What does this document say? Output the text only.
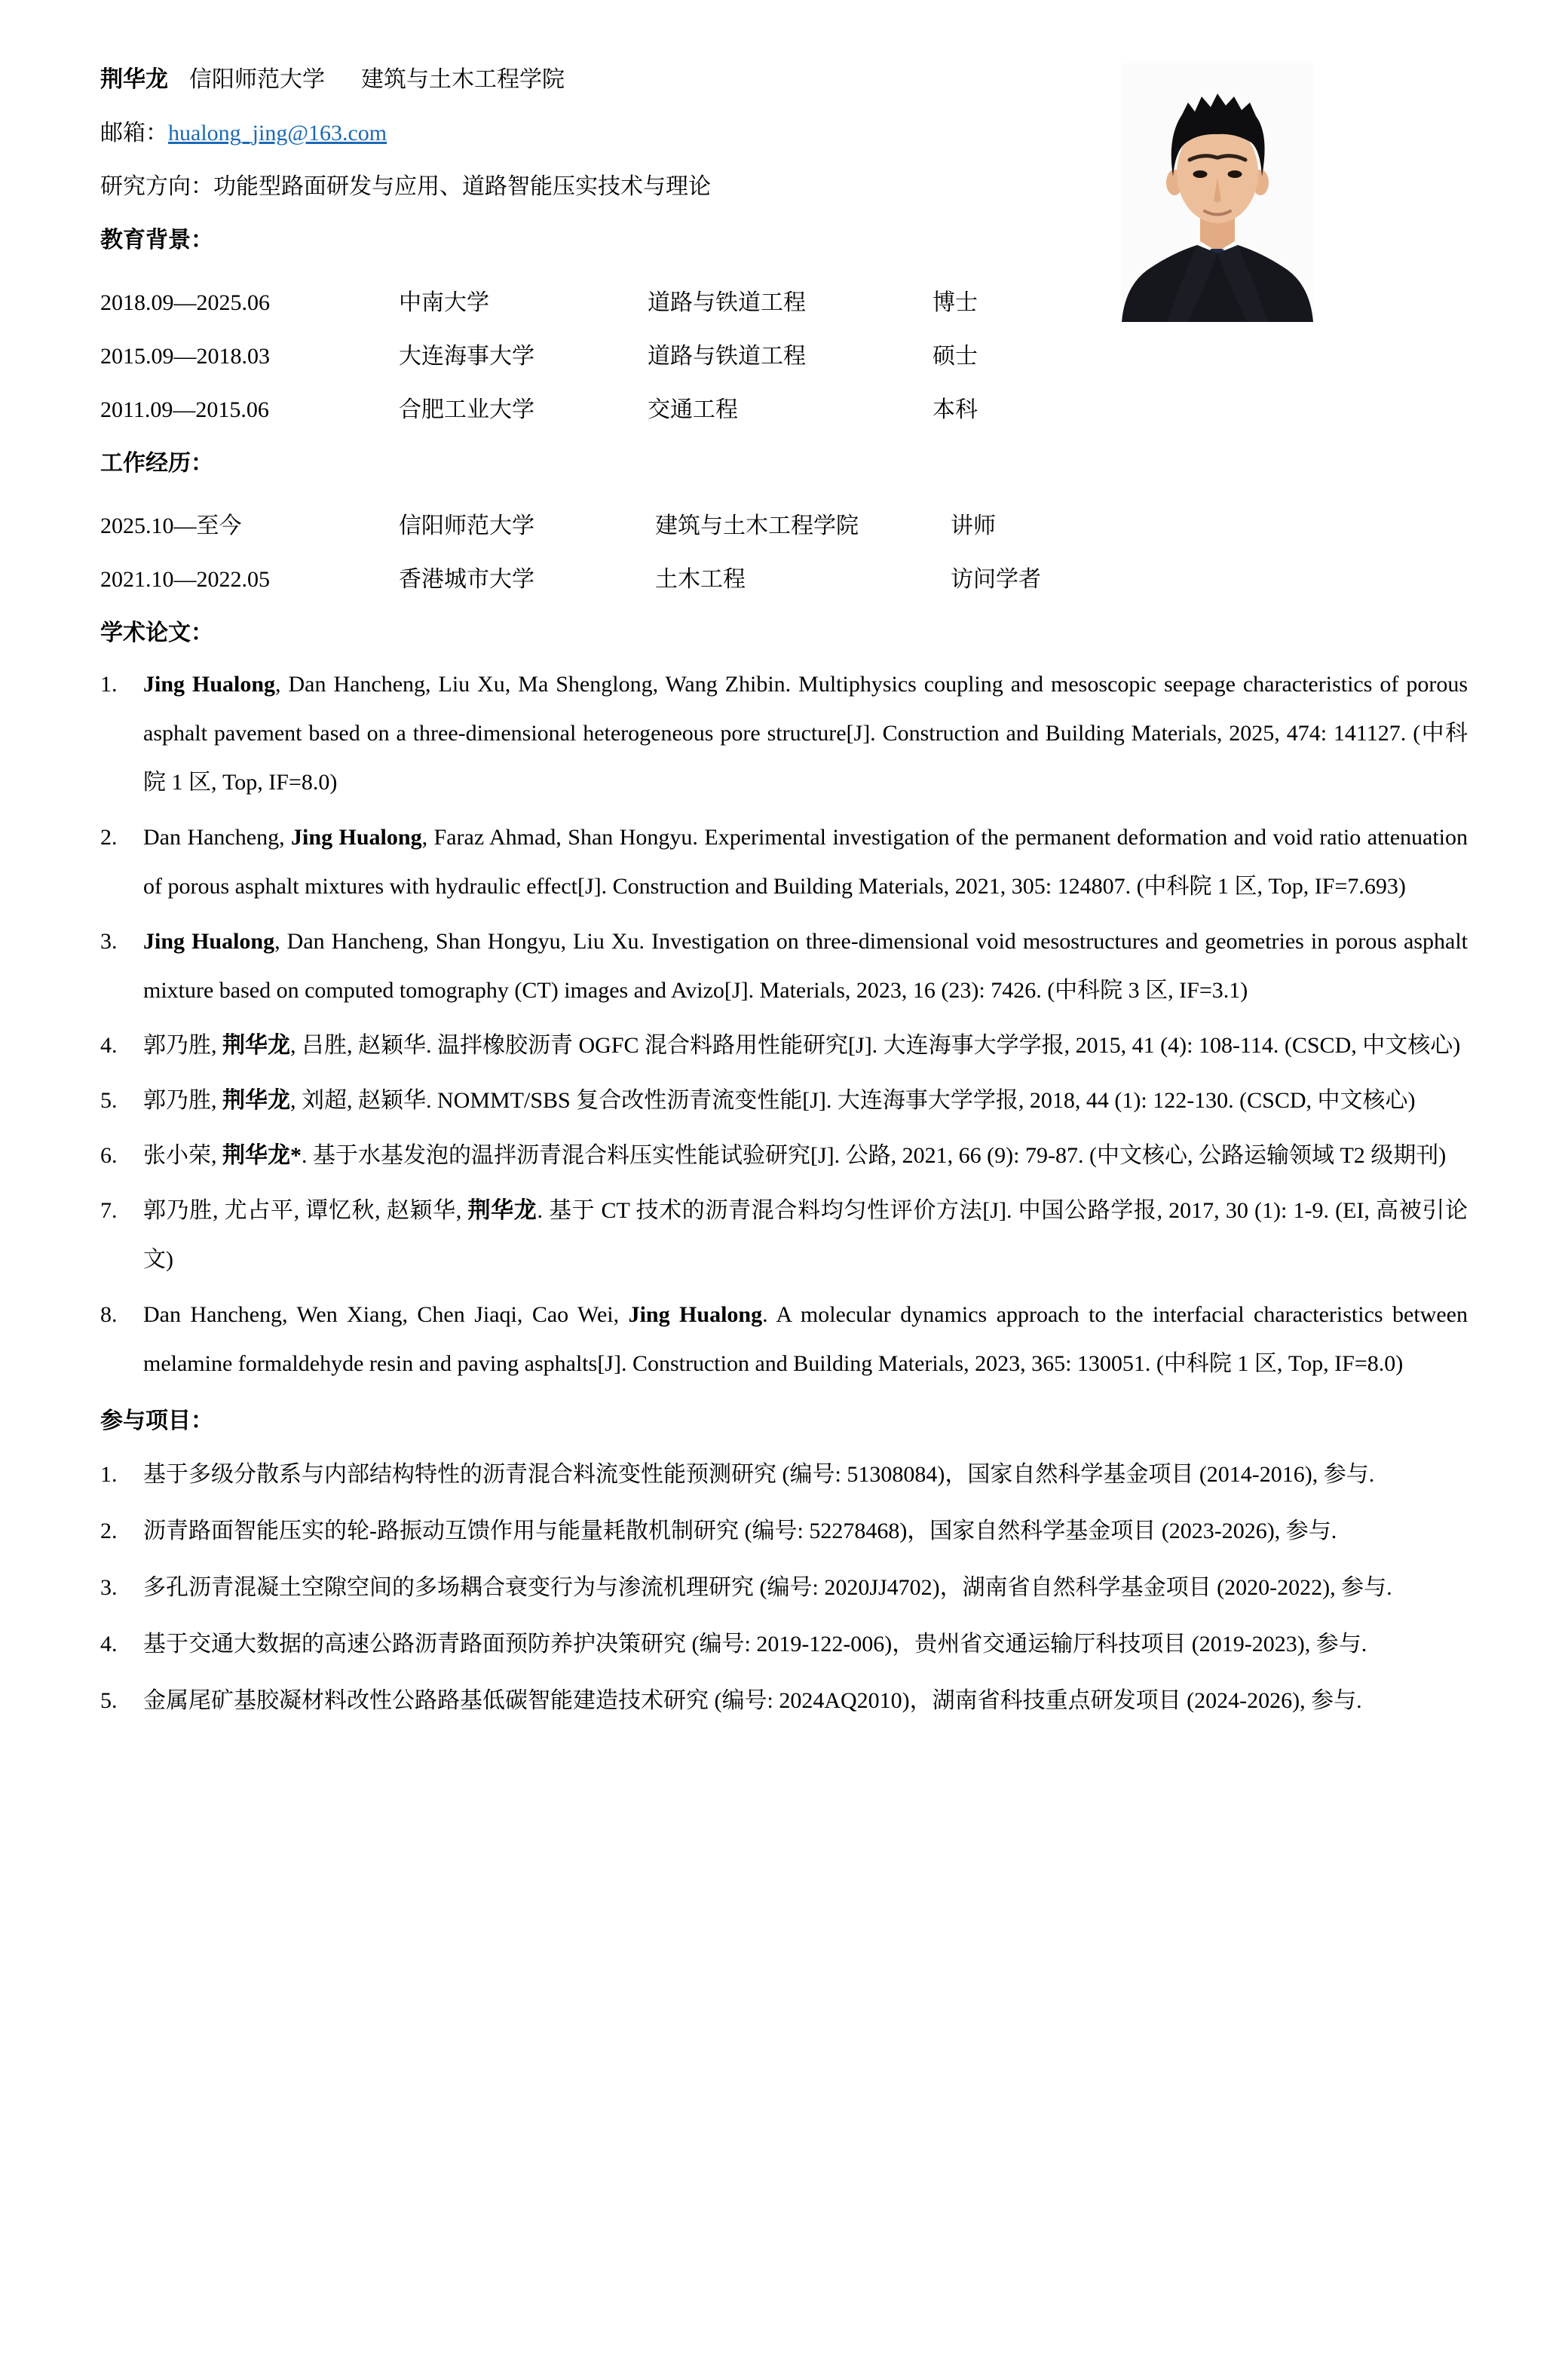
荆华龙 信阳师范大学 建筑与土木工程学院
邮箱：hualong_jing@163.com
研究方向：功能型路面研发与应用、道路智能压实技术与理论
教育背景：
2018.09—2025.06	中南大学	道路与铁道工程	博士
2015.09—2018.03	大连海事大学	道路与铁道工程	硕士
2011.09—2015.06	合肥工业大学	交通工程	本科
工作经历：
2025.10—至今	信阳师范大学	建筑与土木工程学院	讲师
2021.10—2022.05	香港城市大学	土木工程	访问学者
学术论文：
1. Jing Hualong, Dan Hancheng, Liu Xu, Ma Shenglong, Wang Zhibin. Multiphysics coupling and mesoscopic seepage characteristics of porous asphalt pavement based on a three-dimensional heterogeneous pore structure[J]. Construction and Building Materials, 2025, 474: 141127. (中科院 1 区, Top, IF=8.0)
2. Dan Hancheng, Jing Hualong, Faraz Ahmad, Shan Hongyu. Experimental investigation of the permanent deformation and void ratio attenuation of porous asphalt mixtures with hydraulic effect[J]. Construction and Building Materials, 2021, 305: 124807. (中科院 1 区, Top, IF=7.693)
3. Jing Hualong, Dan Hancheng, Shan Hongyu, Liu Xu. Investigation on three-dimensional void mesostructures and geometries in porous asphalt mixture based on computed tomography (CT) images and Avizo[J]. Materials, 2023, 16 (23): 7426. (中科院 3 区, IF=3.1)
4. 郭乃胜, 荆华龙, 吕胜, 赵颖华. 温拌橡胶沥青 OGFC 混合料路用性能研究[J]. 大连海事大学学报, 2015, 41 (4): 108-114. (CSCD, 中文核心)
5. 郭乃胜, 荆华龙, 刘超, 赵颖华. NOMMT/SBS 复合改性沥青流变性能[J]. 大连海事大学学报, 2018, 44 (1): 122-130. (CSCD, 中文核心)
6. 张小荣, 荆华龙*. 基于水基发泡的温拌沥青混合料压实性能试验研究[J]. 公路, 2021, 66 (9): 79-87. (中文核心, 公路运输领域 T2 级期刊)
7. 郭乃胜, 尤占平, 谭忆秋, 赵颖华, 荆华龙. 基于 CT 技术的沥青混合料均匀性评价方法[J]. 中国公路学报, 2017, 30 (1): 1-9. (EI, 高被引论文)
8. Dan Hancheng, Wen Xiang, Chen Jiaqi, Cao Wei, Jing Hualong. A molecular dynamics approach to the interfacial characteristics between melamine formaldehyde resin and paving asphalts[J]. Construction and Building Materials, 2023, 365: 130051. (中科院 1 区, Top, IF=8.0)
参与项目：
1. 基于多级分散系与内部结构特性的沥青混合料流变性能预测研究 (编号: 51308084)，国家自然科学基金项目 (2014-2016), 参与.
2. 沥青路面智能压实的轮-路振动互馈作用与能量耗散机制研究 (编号: 52278468)，国家自然科学基金项目 (2023-2026), 参与.
3. 多孔沥青混凝土空隙空间的多场耦合衰变行为与渗流机理研究 (编号: 2020JJ4702)，湖南省自然科学基金项目 (2020-2022), 参与.
4. 基于交通大数据的高速公路沥青路面预防养护决策研究 (编号: 2019-122-006)，贵州省交通运输厅科技项目 (2019-2023), 参与.
5. 金属尾矿基胶凝材料改性公路路基低碳智能建造技术研究 (编号: 2024AQ2010)，湖南省科技重点研发项目 (2024-2026), 参与.
